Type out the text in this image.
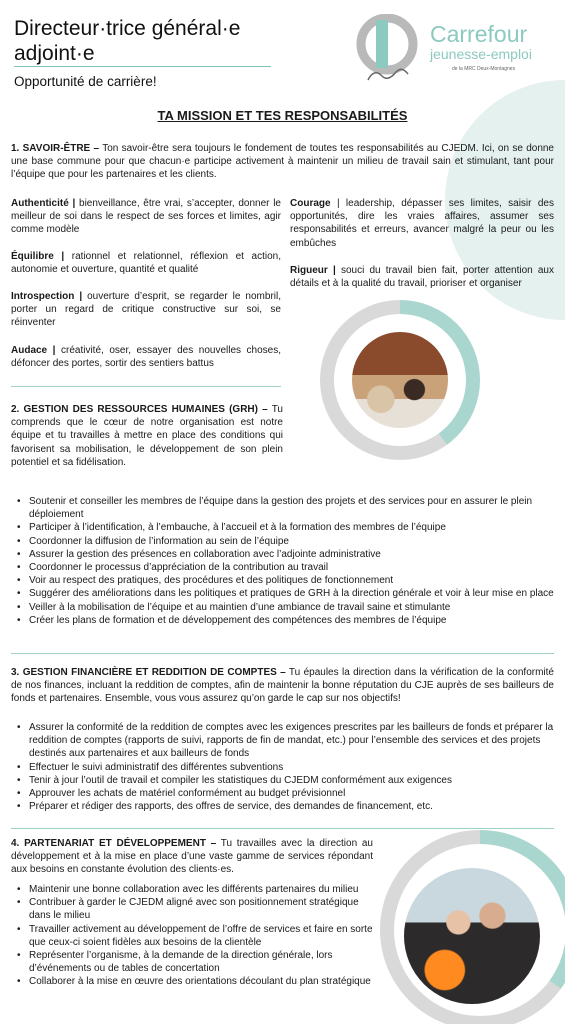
Directeur·trice général·e
adjoint·e
Opportunité de carrière!
Carrefour
jeunesse-emploi
de la MRC Deux-Montagnes
TA MISSION ET TES RESPONSABILITÉS
1. SAVOIR-ÊTRE – Ton savoir-être sera toujours le fondement de toutes tes responsabilités au CJEDM. Ici, on se donne une base commune pour que chacun·e participe activement à maintenir un milieu de travail sain et stimulant, tant pour l’équipe que pour les partenaires et les clients.
Authenticité | bienveillance, être vrai, s’accepter, donner le meilleur de soi dans le respect de ses forces et limites, agir comme modèle
Équilibre | rationnel et relationnel, réflexion et action, autonomie et ouverture, quantité et qualité
Introspection | ouverture d’esprit, se regarder le nombril, porter un regard de critique constructive sur soi, se réinventer
Audace | créativité, oser, essayer des nouvelles choses, défoncer des portes, sortir des sentiers battus
Courage | leadership, dépasser ses limites, saisir des opportunités, dire les vraies affaires, assumer ses responsabilités et erreurs, avancer malgré la peur ou les embûches
Rigueur | souci du travail bien fait, porter attention aux détails et à la qualité du travail, prioriser et organiser
2. GESTION DES RESSOURCES HUMAINES (GRH) – Tu comprends que le cœur de notre organisation est notre équipe et tu travailles à mettre en place des conditions qui favorisent sa mobilisation, le développement de son plein potentiel et sa fidélisation.
• Soutenir et conseiller les membres de l’équipe dans la gestion des projets et des services pour en assurer le plein déploiement
• Participer à l’identification, à l’embauche, à l’accueil et à la formation des membres de l’équipe
• Coordonner la diffusion de l’information au sein de l’équipe
• Assurer la gestion des présences en collaboration avec l’adjointe administrative
• Coordonner le processus d’appréciation de la contribution au travail
• Voir au respect des pratiques, des procédures et des politiques de fonctionnement
• Suggérer des améliorations dans les politiques et pratiques de GRH à la direction générale et voir à leur mise en place
• Veiller à la mobilisation de l’équipe et au maintien d’une ambiance de travail saine et stimulante
• Créer les plans de formation et de développement des compétences des membres de l’équipe
3. GESTION FINANCIÈRE ET REDDITION DE COMPTES – Tu épaules la direction dans la vérification de la conformité de nos finances, incluant la reddition de comptes, afin de maintenir la bonne réputation du CJE auprès de ses bailleurs de fonds et partenaires. Ensemble, vous vous assurez qu’on garde le cap sur nos objectifs!
• Assurer la conformité de la reddition de comptes avec les exigences prescrites par les bailleurs de fonds et préparer la reddition de comptes (rapports de suivi, rapports de fin de mandat, etc.) pour l’ensemble des services et des projets destinés aux partenaires et aux bailleurs de fonds
• Effectuer le suivi administratif des différentes subventions
• Tenir à jour l’outil de travail et compiler les statistiques du CJEDM conformément aux exigences
• Approuver les achats de matériel conformément au budget prévisionnel
• Préparer et rédiger des rapports, des offres de service, des demandes de financement, etc.
4. PARTENARIAT ET DÉVELOPPEMENT – Tu travailles avec la direction au développement et à la mise en place d’une vaste gamme de services répondant aux besoins en constante évolution des clients·es.
• Maintenir une bonne collaboration avec les différents partenaires du milieu
• Contribuer à garder le CJEDM aligné avec son positionnement stratégique dans le milieu
• Travailler activement au développement de l’offre de services et faire en sorte que ceux-ci soient fidèles aux besoins de la clientèle
• Représenter l’organisme, à la demande de la direction générale, lors d’événements ou de tables de concertation
• Collaborer à la mise en œuvre des orientations découlant du plan stratégique
